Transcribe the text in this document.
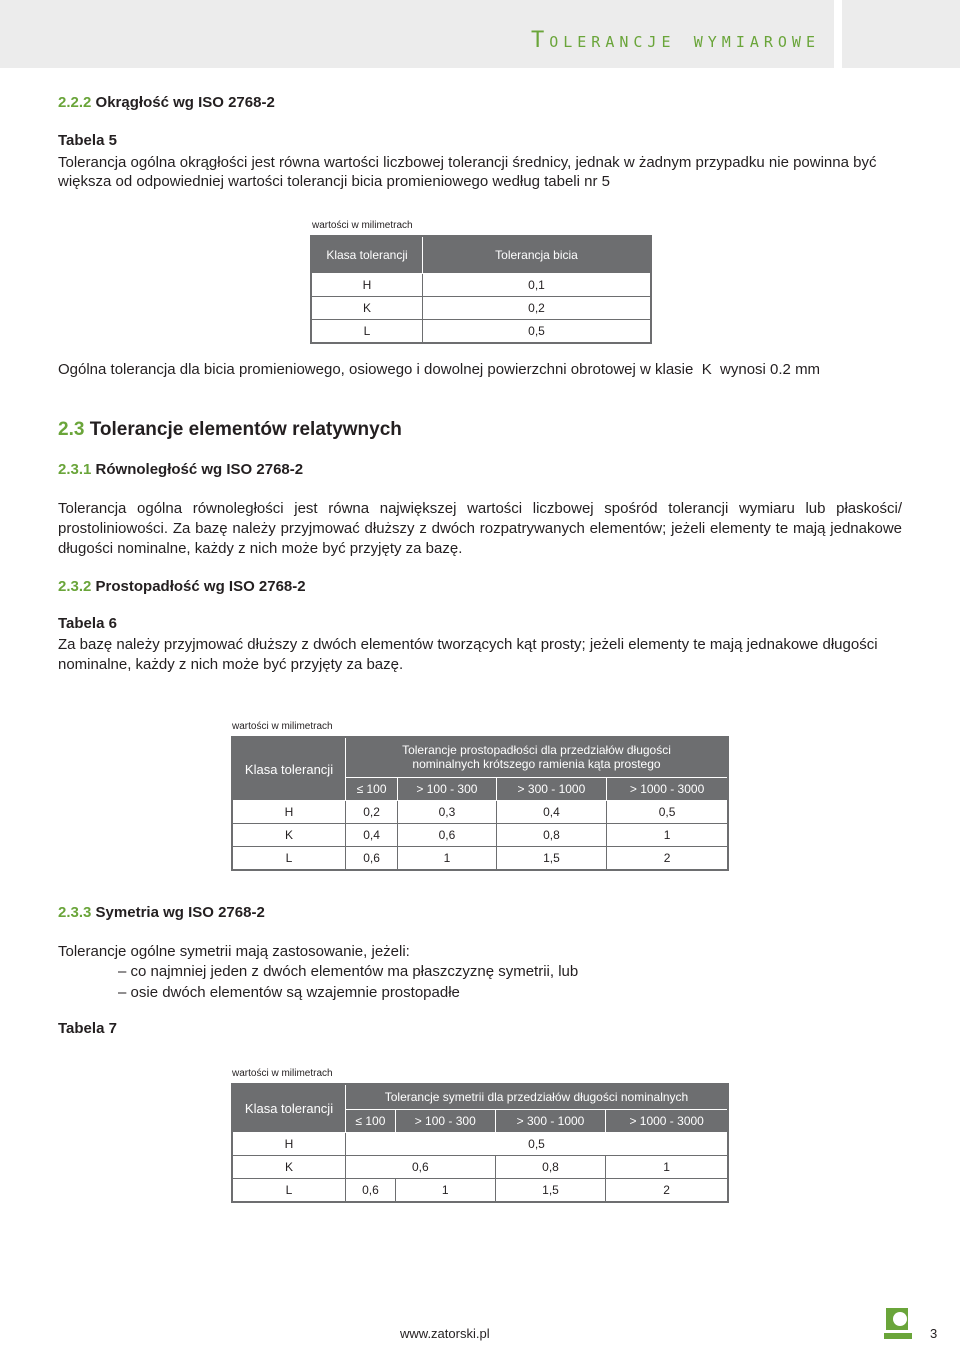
Tolerancje wymiarowe
2.2.2 Okrągłość wg ISO 2768-2
Tabela 5
Tolerancja ogólna okrągłości jest równa wartości liczbowej tolerancji średnicy, jednak w żadnym przypadku nie powinna być większa od odpowiedniej wartości tolerancji bicia promieniowego według tabeli nr 5
wartości w milimetrach
Klasa tolerancji	Tolerancja bicia
H	0,1
K	0,2
L	0,5
Ogólna tolerancja dla bicia promieniowego, osiowego i dowolnej powierzchni obrotowej w klasie  K  wynosi 0.2 mm
2.3 Tolerancje elementów relatywnych
2.3.1 Równoległość wg ISO 2768-2
Tolerancja ogólna równoległości jest równa największej wartości liczbowej spośród tolerancji wymiaru lub płaskości/ prostoliniowości. Za bazę należy przyjmować dłuższy z dwóch rozpatrywanych elementów; jeżeli elementy te mają jednakowe długości nominalne, każdy z nich może być przyjęty za bazę.
2.3.2 Prostopadłość wg ISO 2768-2
Tabela 6
Za bazę należy przyjmować dłuższy z dwóch elementów tworzących kąt prosty; jeżeli elementy te mają jednakowe długości nominalne, każdy z nich może być przyjęty za bazę.
wartości w milimetrach
Klasa tolerancji	Tolerancje prostopadłości dla przedziałów długości nominalnych krótszego ramienia kąta prostego			
	≤ 100	> 100 - 300	> 300 - 1000	> 1000 - 3000
H	0,2	0,3	0,4	0,5
K	0,4	0,6	0,8	1
L	0,6	1	1,5	2
2.3.3 Symetria wg ISO 2768-2
Tolerancje ogólne symetrii mają zastosowanie, jeżeli:
– co najmniej jeden z dwóch elementów ma płaszczyznę symetrii, lub
– osie dwóch elementów są wzajemnie prostopadłe
Tabela 7
wartości w milimetrach
Klasa tolerancji	Tolerancje symetrii dla przedziałów długości nominalnych			
	≤ 100	> 100 - 300	> 300 - 1000	> 1000 - 3000
H	0,5			
K	0,6		0,8	1
L	0,6	1	1,5	2
www.zatorski.pl	3
